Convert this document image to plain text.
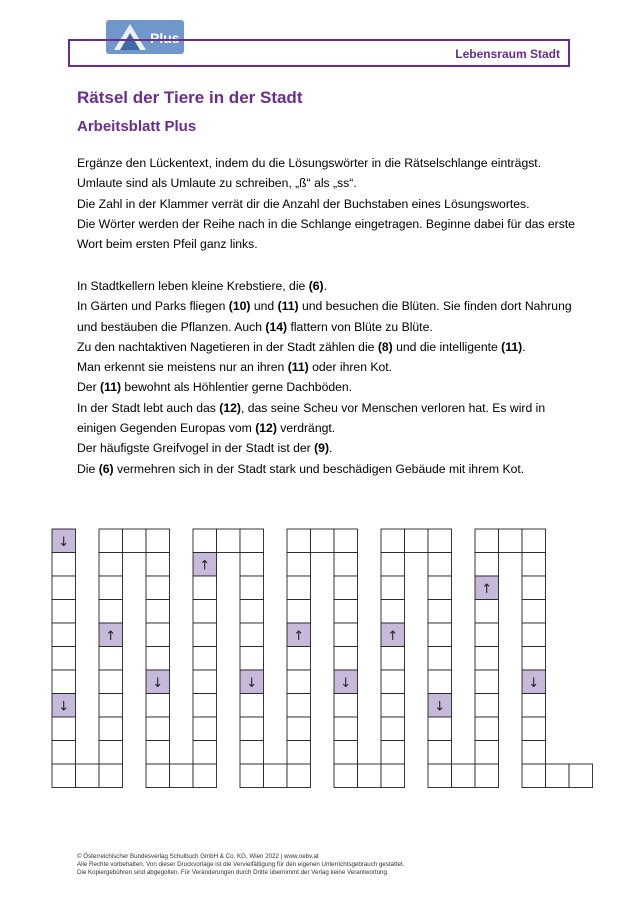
Plus
Lebensraum Stadt
Rätsel der Tiere in der Stadt
Arbeitsblatt Plus
Ergänze den Lückentext, indem du die Lösungswörter in die Rätselschlange einträgst.
Umlaute sind als Umlaute zu schreiben, „ß“ als „ss“.
Die Zahl in der Klammer verrät dir die Anzahl der Buchstaben eines Lösungswortes.
Die Wörter werden der Reihe nach in die Schlange eingetragen. Beginne dabei für das erste
Wort beim ersten Pfeil ganz links.
In Stadtkellern leben kleine Krebstiere, die (6).
In Gärten und Parks fliegen (10) und (11) und besuchen die Blüten. Sie finden dort Nahrung
und bestäuben die Pflanzen. Auch (14) flattern von Blüte zu Blüte.
Zu den nachtaktiven Nagetieren in der Stadt zählen die (8) und die intelligente (11).
Man erkennt sie meistens nur an ihren (11) oder ihren Kot.
Der (11) bewohnt als Höhlentier gerne Dachböden.
In der Stadt lebt auch das (12), das seine Scheu vor Menschen verloren hat. Es wird in
einigen Gegenden Europas vom (12) verdrängt.
Der häufigste Greifvogel in der Stadt ist der (9).
Die (6) vermehren sich in der Stadt stark und beschädigen Gebäude mit ihrem Kot.
↓
↓
↑
↓
↑
↓
↑
↓
↑
↓
↑
↓
© Österreichischer Bundesverlag Schulbuch GmbH & Co. KG, Wien 2022 | www.oebv.at
Alle Rechte vorbehalten. Von dieser Druckvorlage ist die Vervielfältigung für den eigenen Unterrichtsgebrauch gestattet.
Die Kopiergebühren sind abgegolten. Für Veränderungen durch Dritte übernimmt der Verlag keine Verantwortung.
